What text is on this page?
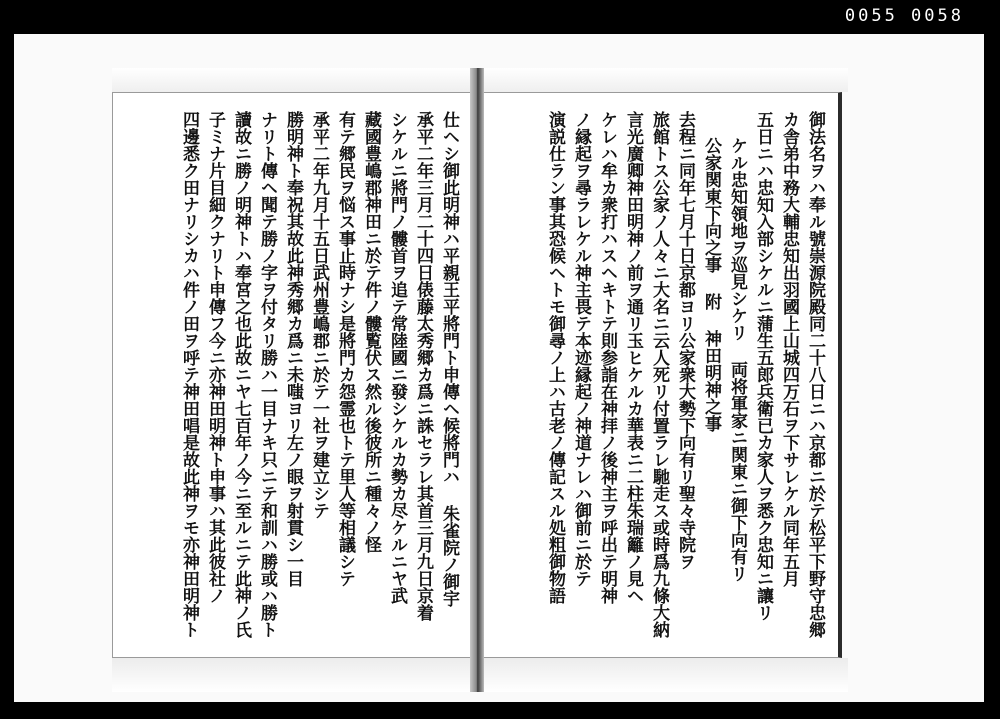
0055 0058
仕ヘシ御此明神ハ平親王平將門ト申傳ヘ候將門ハ 朱雀院ノ御宇
承平二年三月二十四日俵藤太秀郷カ爲ニ誅セラレ其首三月九日京着
シケルニ將門ノ髏首ヲ追テ常陸國ニ發シケルカ勢カ尽ケルニヤ武
藏國豊嶋郡神田ニ於テ件ノ髏覧伏ス然ル後彼所ニ種々ノ怪
有テ郷民ヲ悩ス事止時ナシ是將門カ怨霊也トテ里人等相議シテ
承平二年九月十五日武州豊嶋郡ニ於テ一社ヲ建立シテ
勝明神ト奉祝其故此神秀郷カ爲ニ未嗤ヨリ左ノ眼ヲ射貫シ一目
ナリト傳ヘ聞テ勝ノ字ヲ付タリ勝ハ一目ナキ只ニテ和訓ハ勝或ハ勝ト
讀故ニ勝ノ明神トハ奉宮之也此故ニヤ七百年ノ今ニ至ルニテ此神ノ氏
子ミナ片目細クナリト申傳フ今ニ亦神田明神ト申事ハ其此彼社ノ
四邊悉ク田ナリシカハ件ノ田ヲ呼テ神田唱是故此神ヲモ亦神田明神ト	御法名ヲハ奉ル號崇源院殿同二十八日ニハ京都ニ於テ松平下野守忠郷
カ舎弟中務大輔忠知出羽國上山城四万石ヲ下サレケル同年五月
五日ニハ忠知入部シケルニ蒲生五郎兵衛已カ家人ヲ悉ク忠知ニ讓リ
ケル忠知領地ヲ巡見シケリ 両将軍家ニ関東ニ御下向有リ
公家関東下向之事 附 神田明神之事
去程ニ同年七月十日京都ヨリ公家衆大勢下向有リ聖々寺院ヲ
旅館トス公家ノ人々ニ大名ニ云人死リ付置ラレ馳走ス或時爲九條大納
言光廣卿神田明神ノ前ヲ通リ玉ヒケルカ華表ニ二柱朱瑞籬ノ見ヘ
ケレハ牟カ衆打ハスヘキトテ則参詣在神拝ノ後神主ヲ呼出テ明神
ノ縁起ヲ尋ラレケル神主畏テ本迹縁起ノ神道ナレハ御前ニ於テ
演説仕ラン事其恐候ヘトモ御尋ノ上ハ古老ノ傳記スル処粗御物語
